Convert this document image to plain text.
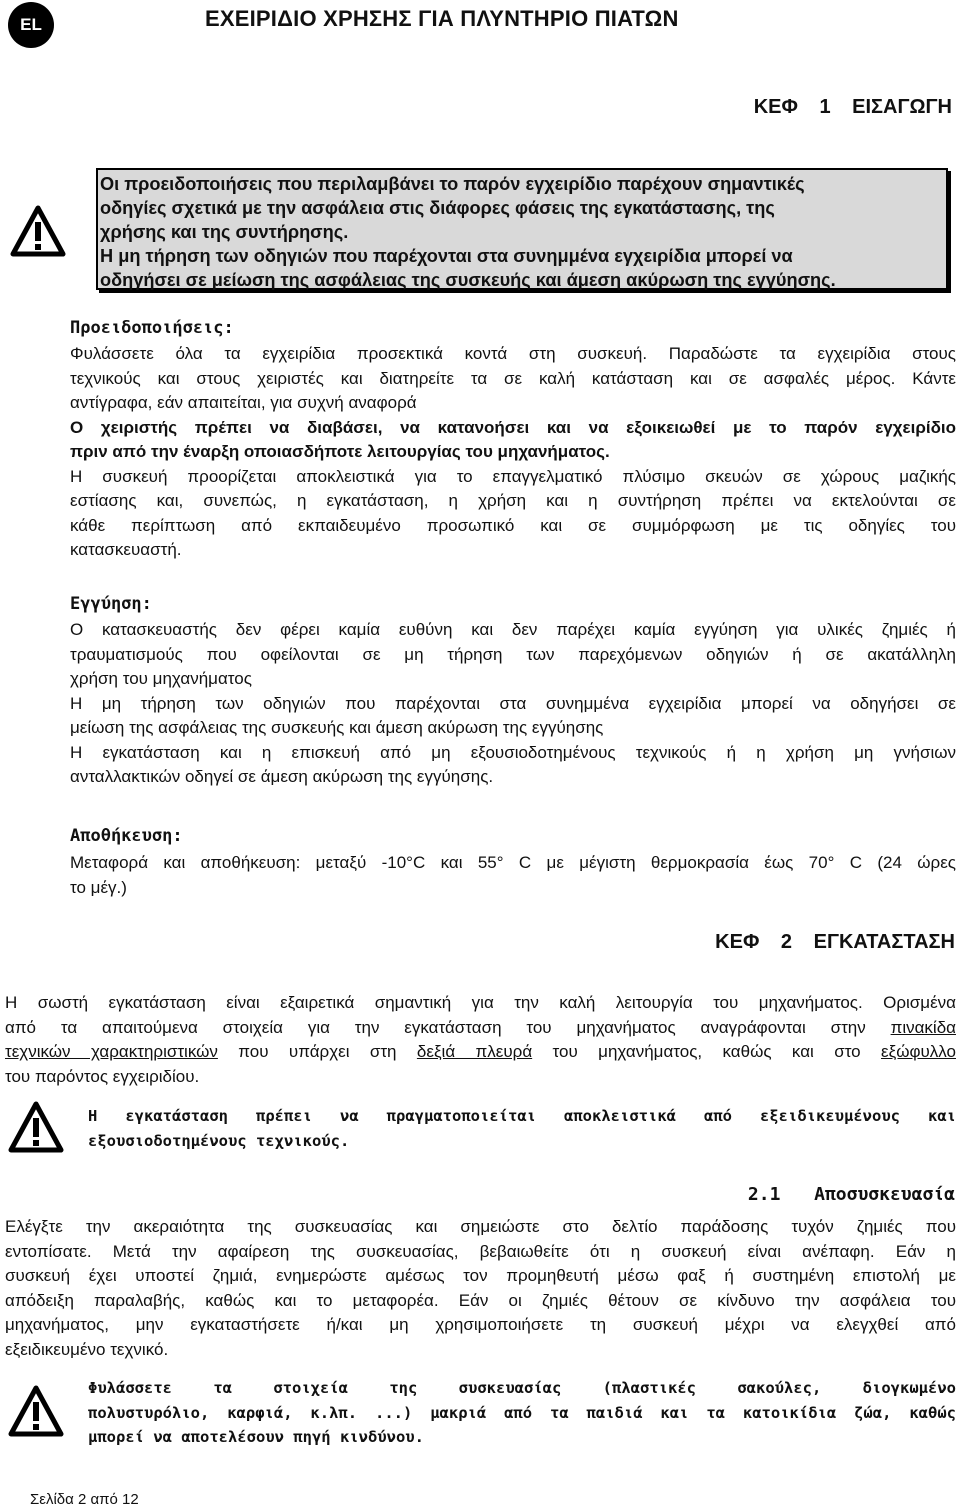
EL	ΕΧΕΙΡΙΔΙΟ ΧΡΗΣΗΣ ΓΙΑ ΠΛΥΝΤΗΡΙΟ ΠΙΑΤΩΝ
ΚΕΦ 1 ΕΙΣΑΓΩΓΗ
Οι προειδοποιήσεις που περιλαμβάνει το παρόν εγχειρίδιο παρέχουν σημαντικές
οδηγίες σχετικά με την ασφάλεια στις διάφορες φάσεις της εγκατάστασης, της
χρήσης και της συντήρησης.
Η μη τήρηση των οδηγιών που παρέχονται στα συνημμένα εγχειρίδια μπορεί να
οδηγήσει σε μείωση της ασφάλειας της συσκευής και άμεση ακύρωση της εγγύησης.
Προειδοποιήσεις:
Φυλάσσετε όλα τα εγχειρίδια προσεκτικά κοντά στη συσκευή. Παραδώστε τα εγχειρίδια στους
τεχνικούς και στους χειριστές και διατηρείτε τα σε καλή κατάσταση και σε ασφαλές μέρος. Κάντε
αντίγραφα, εάν απαιτείται, για συχνή αναφορά
Ο χειριστής πρέπει να διαβάσει, να κατανοήσει και να εξοικειωθεί με το παρόν εγχειρίδιο
πριν από την έναρξη οποιασδήποτε λειτουργίας του μηχανήματος.
Η συσκευή προορίζεται αποκλειστικά για το επαγγελματικό πλύσιμο σκευών σε χώρους μαζικής
εστίασης και, συνεπώς, η εγκατάσταση, η χρήση και η συντήρηση πρέπει να εκτελούνται σε
κάθε περίπτωση από εκπαιδευμένο προσωπικό και σε συμμόρφωση με τις οδηγίες του
κατασκευαστή.
Εγγύηση:
Ο κατασκευαστής δεν φέρει καμία ευθύνη και δεν παρέχει καμία εγγύηση για υλικές ζημιές ή
τραυματισμούς που οφείλονται σε μη τήρηση των παρεχόμενων οδηγιών ή σε ακατάλληλη
χρήση του μηχανήματος
Η μη τήρηση των οδηγιών που παρέχονται στα συνημμένα εγχειρίδια μπορεί να οδηγήσει σε
μείωση της ασφάλειας της συσκευής και άμεση ακύρωση της εγγύησης
Η εγκατάσταση και η επισκευή από μη εξουσιοδοτημένους τεχνικούς ή η χρήση μη γνήσιων
ανταλλακτικών οδηγεί σε άμεση ακύρωση της εγγύησης.
Αποθήκευση:
Μεταφορά και αποθήκευση: μεταξύ -10°C και 55° C με μέγιστη θερμοκρασία έως 70° C (24 ώρες
το μέγ.)
ΚΕΦ 2 ΕΓΚΑΤΑΣΤΑΣΗ
Η σωστή εγκατάσταση είναι εξαιρετικά σημαντική για την καλή λειτουργία του μηχανήματος. Ορισμένα
από τα απαιτούμενα στοιχεία για την εγκατάσταση του μηχανήματος αναγράφονται στην πινακίδα
τεχνικών χαρακτηριστικών που υπάρχει στη δεξιά πλευρά του μηχανήματος, καθώς και στο εξώφυλλο
του παρόντος εγχειριδίου.
Η εγκατάσταση πρέπει να πραγματοποιείται αποκλειστικά από εξειδικευμένους και
εξουσιοδοτημένους τεχνικούς.
2.1 Αποσυσκευασία
Ελέγξτε την ακεραιότητα της συσκευασίας και σημειώστε στο δελτίο παράδοσης τυχόν ζημιές που
εντοπίσατε. Μετά την αφαίρεση της συσκευασίας, βεβαιωθείτε ότι η συσκευή είναι ανέπαφη. Εάν η
συσκευή έχει υποστεί ζημιά, ενημερώστε αμέσως τον προμηθευτή μέσω φαξ ή συστημένη επιστολή με
απόδειξη παραλαβής, καθώς και το μεταφορέα. Εάν οι ζημιές θέτουν σε κίνδυνο την ασφάλεια του
μηχανήματος, μην εγκαταστήσετε ή/και μη χρησιμοποιήσετε τη συσκευή μέχρι να ελεγχθεί από
εξειδικευμένο τεχνικό.
Φυλάσσετε τα στοιχεία της συσκευασίας (πλαστικές σακούλες, διογκωμένο
πολυστυρόλιο, καρφιά, κ.λπ. ...) μακριά από τα παιδιά και τα κατοικίδια ζώα, καθώς
μπορεί να αποτελέσουν πηγή κινδύνου.
Σελίδα 2 από 12
